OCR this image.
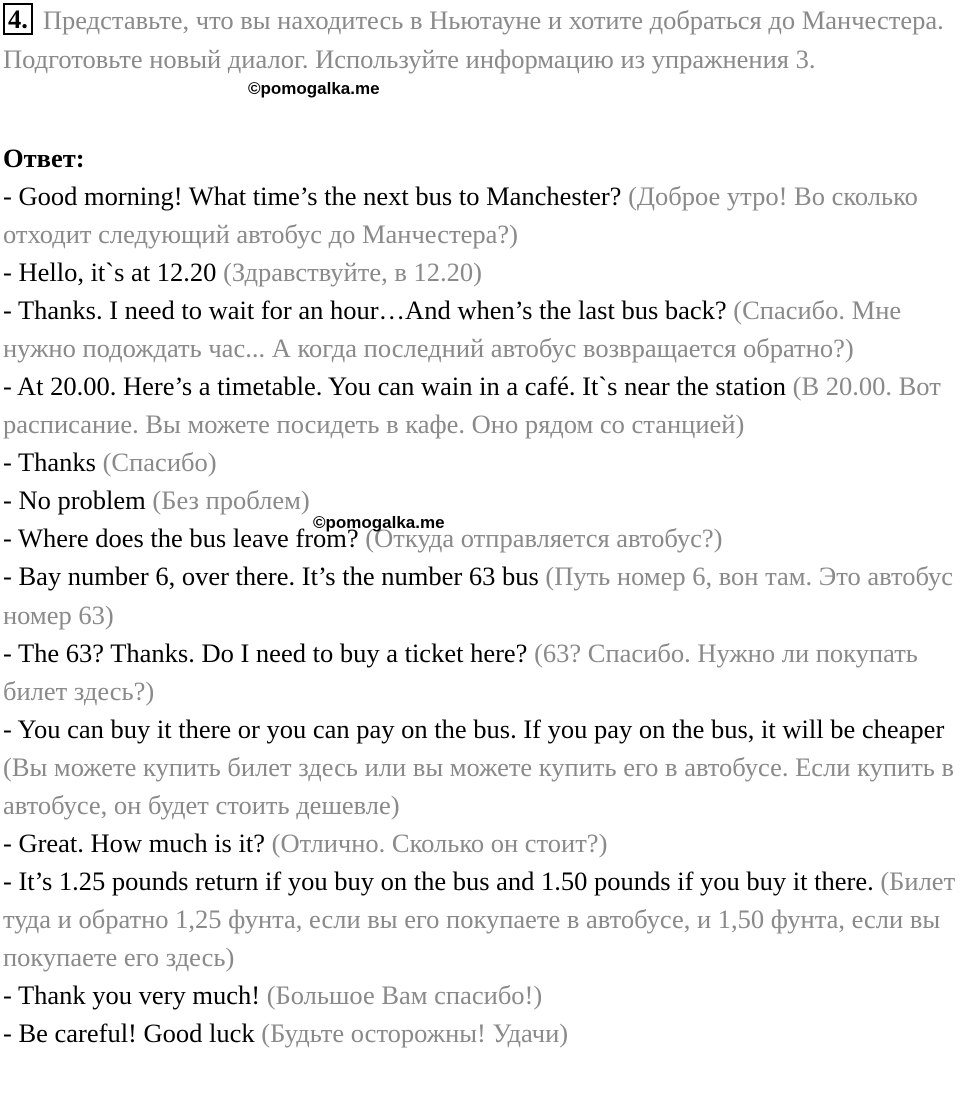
4. Представьте, что вы находитесь в Ньютауне и хотите добраться до Манчестера. Подготовьте новый диалог. Используйте информацию из упражнения 3.
©pomogalka.me
Ответ:

- Good morning! What time’s the next bus to Manchester? (Доброе утро! Во сколько отходит следующий автобус до Манчестера?)

- Hello, it`s at 12.20 (Здравствуйте, в 12.20)

- Thanks. I need to wait for an hour…And when’s the last bus back? (Спасибо. Мне нужно подождать час... А когда последний автобус возвращается обратно?)

- At 20.00. Here’s a timetable. You can wain in a café. It`s near the station (В 20.00. Вот расписание. Вы можете посидеть в кафе. Оно рядом со станцией)

- Thanks (Спасибо)

- No problem (Без проблем)

- Where does the bus leave from? (Откуда отправляется автобус?)

- Bay number 6, over there. It’s the number 63 bus (Путь номер 6, вон там. Это автобус номер 63)

- The 63? Thanks. Do I need to buy a ticket here? (63? Спасибо. Нужно ли покупать билет здесь?)

- You can buy it there or you can pay on the bus. If you pay on the bus, it will be cheaper (Вы можете купить билет здесь или вы можете купить его в автобусе. Если купить в автобусе, он будет стоить дешевле)

- Great. How much is it? (Отлично. Сколько он стоит?)

- It’s 1.25 pounds return if you buy on the bus and 1.50 pounds if you buy it there. (Билет туда и обратно 1,25 фунта, если вы его покупаете в автобусе, и 1,50 фунта, если вы покупаете его здесь)

- Thank you very much! (Большое Вам спасибо!)

- Be careful! Good luck (Будьте осторожны! Удачи)

©pomogalka.me
